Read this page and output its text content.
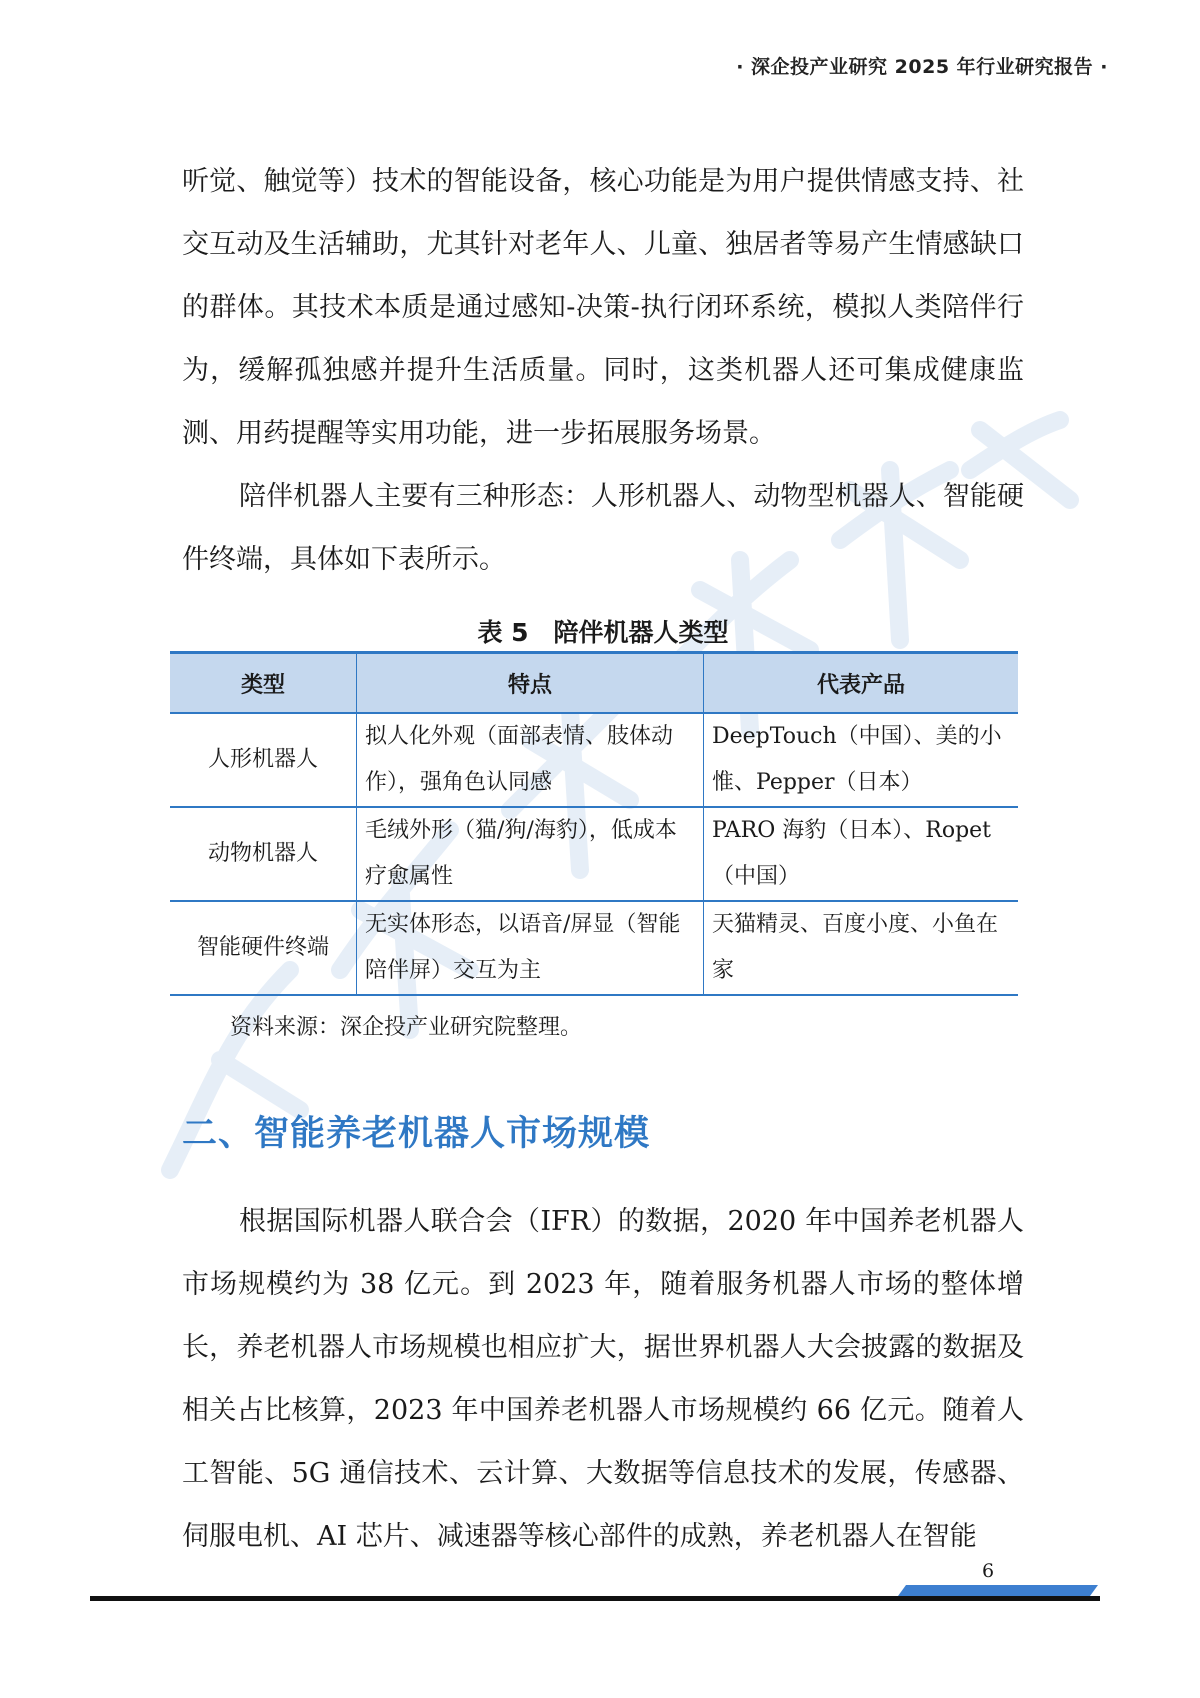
· 深企投产业研究 2025 年行业研究报告 ·

听觉、触觉等）技术的智能设备，核心功能是为用户提供情感支持、社交互动及生活辅助，尤其针对老年人、儿童、独居者等易产生情感缺口的群体。其技术本质是通过感知-决策-执行闭环系统，模拟人类陪伴行为，缓解孤独感并提升生活质量。同时，这类机器人还可集成健康监测、用药提醒等实用功能，进一步拓展服务场景。

陪伴机器人主要有三种形态：人形机器人、动物型机器人、智能硬件终端，具体如下表所示。

表 5　陪伴机器人类型
类型	特点	代表产品
人形机器人	拟人化外观（面部表情、肢体动作），强角色认同感	DeepTouch（中国）、美的小惟、Pepper（日本）
动物机器人	毛绒外形（猫/狗/海豹），低成本疗愈属性	PARO 海豹（日本）、Ropet（中国）
智能硬件终端	无实体形态，以语音/屏显（智能陪伴屏）交互为主	天猫精灵、百度小度、小鱼在家
资料来源：深企投产业研究院整理。
二、智能养老机器人市场规模

根据国际机器人联合会（IFR）的数据，2020 年中国养老机器人市场规模约为 38 亿元。到 2023 年，随着服务机器人市场的整体增长，养老机器人市场规模也相应扩大，据世界机器人大会披露的数据及相关占比核算，2023 年中国养老机器人市场规模约 66 亿元。随着人工智能、5G 通信技术、云计算、大数据等信息技术的发展，传感器、伺服电机、AI 芯片、减速器等核心部件的成熟，养老机器人在智能

6
